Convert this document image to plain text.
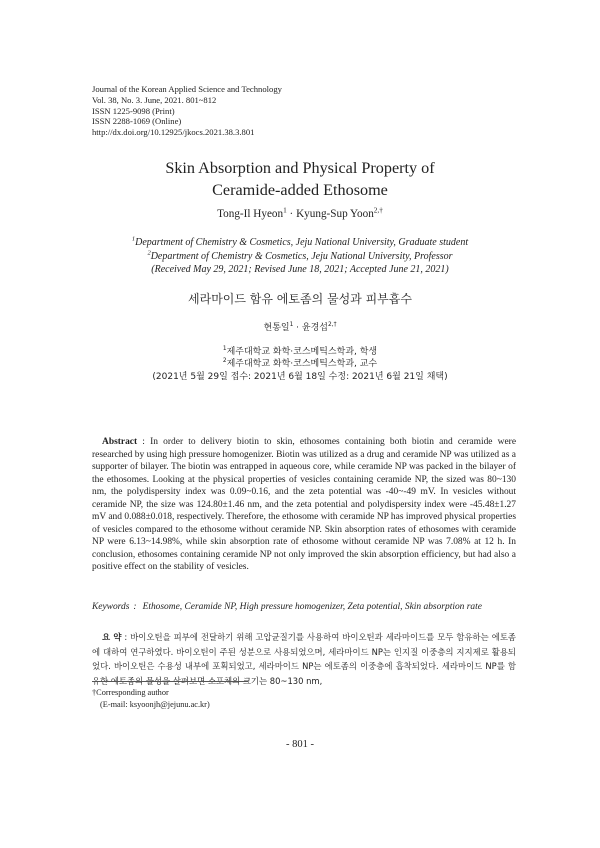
Journal of the Korean Applied Science and Technology
Vol. 38, No. 3. June, 2021. 801~812
ISSN 1225-9098 (Print)
ISSN 2288-1069 (Online)
http://dx.doi.org/10.12925/jkocs.2021.38.3.801
Skin Absorption and Physical Property of
Ceramide-added Ethosome
Tong-Il Hyeon$^1$ · Kyung-Sup Yoon$^{2,\dagger}$
$^1$Department of Chemistry & Cosmetics, Jeju National University, Graduate student
$^2$Department of Chemistry & Cosmetics, Jeju National University, Professor
(Received May 29, 2021; Revised June 18, 2021; Accepted June 21, 2021)
세라마이드 함유 에토좀의 물성과 피부흡수
현통일$^1$ · 윤경섭$^{2,\dagger}$
$^1$제주대학교 화학·코스메틱스학과, 학생
$^2$제주대학교 화학·코스메틱스학과, 교수
(2021년 5월 29일 접수: 2021년 6월 18일 수정: 2021년 6월 21일 채택)
Abstract : In order to delivery biotin to skin, ethosomes containing both biotin and ceramide were researched by using high pressure homogenizer. Biotin was utilized as a drug and ceramide NP was utilized as a supporter of bilayer. The biotin was entrapped in aqueous core, while ceramide NP was packed in the bilayer of the ethosomes. Looking at the physical properties of vesicles containing ceramide NP, the sized was 80~130 nm, the polydispersity index was 0.09~0.16, and the zeta potential was -40~-49 mV. In vesicles without ceramide NP, the size was 124.80±1.46 nm, and the zeta potential and polydispersity index were -45.48±1.27 mV and 0.088±0.018, respectively. Therefore, the ethosome with ceramide NP has improved physical properties of vesicles compared to the ethosome without ceramide NP. Skin absorption rates of ethosomes with ceramide NP were 6.13~14.98%, while skin absorption rate of ethosome without ceramide NP was 7.08% at 12 h. In conclusion, ethosomes containing ceramide NP not only improved the skin absorption efficiency, but had also a positive effect on the stability of vesicles.
Keywords : Ethosome, Ceramide NP, High pressure homogenizer, Zeta potential, Skin absorption rate
요 약 : 바이오틴을 피부에 전달하기 위해 고압균질기를 사용하여 바이오틴과 세라마이드를 모두 함유하는 에토좀에 대하여 연구하였다. 바이오틴이 주된 성분으로 사용되었으며, 세라마이드 NP는 인지질 이중층의 지지제로 활용되었다. 바이오틴은 수용성 내부에 포획되었고, 세라마이드 NP는 에토좀의 이중층에 흡착되었다. 세라마이드 NP를 함유한 에토좀의 물성을 살펴보면 소포체의 크기는 80~130 nm,
†Corresponding author
(E-mail: ksyoonjh@jejunu.ac.kr)
- 801 -
